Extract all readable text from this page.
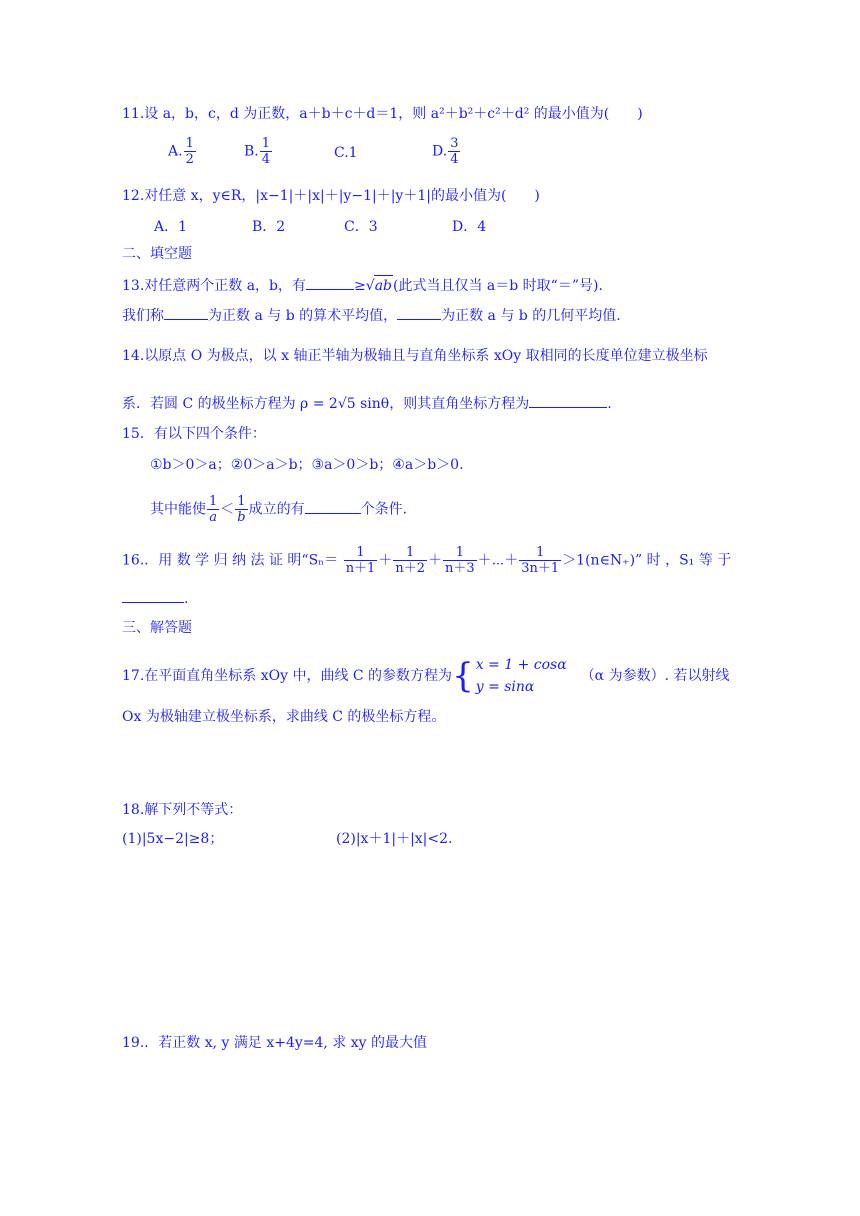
11.设 a，b，c，d 为正数，a＋b＋c＋d＝1，则 a²＋b²＋c²＋d² 的最小值为(　　)
A. $\frac{1}{2}$	B. $\frac{1}{4}$	C.1	D. $\frac{3}{4}$
12.对任意 x，y∈R，|x−1|＋|x|＋|y−1|＋|y＋1|的最小值为(　　)
A．1	B．2	C．3	D．4
二、填空题
13.对任意两个正数 a，b，有	≥√ab(此式当且仅当 a＝b 时取“＝”号).
我们称	为正数 a 与 b 的算术平均值，	为正数 a 与 b 的几何平均值.
14.以原点 O 为极点，以 x 轴正半轴为极轴且与直角坐标系 xOy 取相同的长度单位建立极坐标
系．若圆 C 的极坐标方程为 ρ = 2√5 sinθ，则其直角坐标方程为	.
15．有以下四个条件：
①b＞0＞a；②0＞a＞b；③a＞0＞b；④a＞b＞0.
其中能使 $\frac{1}{a} < \frac{1}{b}$ 成立的有	个条件.
16.．用 数 学 归 纳 法 证 明“$S_n= \frac{1}{n+1} + \frac{1}{n+2} + \frac{1}{n+3}$ ＋⋯＋ $\frac{1}{3n+1}$ ＞1(n∈N₊)” 时 ，S₁ 等 于
.
三、解答题
17.在平面直角坐标系 xOy 中，曲线 C 的参数方程为{ x = 1 + cosα
y = sinα
（α 为参数）. 若以射线
Ox 为极轴建立极坐标系，求曲线 C 的极坐标方程。
18.解下列不等式：
(1)|5x−2|≥8；	(2)|x＋1|＋|x|<2.
19.．若正数 x, y 满足 x+4y=4, 求 xy 的最大值
